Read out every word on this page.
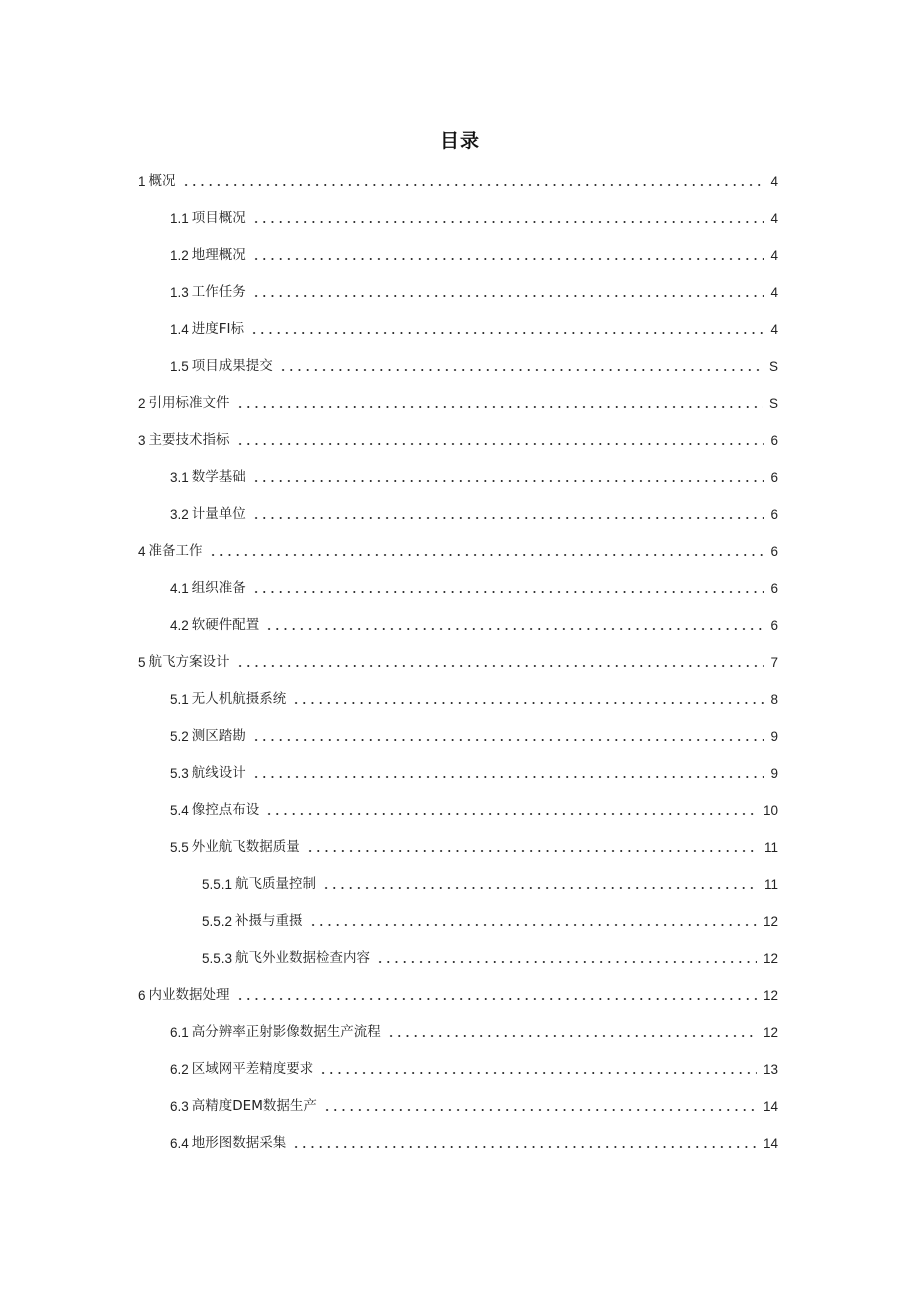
目录
1 概况	4
1.1 项目概况	4
1.2 地理概况	4
1.3 工作任务	4
1.4 进度FI标	4
1.5 项目成果提交	S
2 引用标准文件	S
3 主要技术指标	6
3.1 数学基础	6
3.2 计量单位	6
4 准备工作	6
4.1 组织准备	6
4.2 软硬件配置	6
5 航飞方案设计	7
5.1 无人机航摄系统	8
5.2 测区踏勘	9
5.3 航线设计	9
5.4 像控点布设	10
5.5 外业航飞数据质量	11
5.5.1 航飞质量控制	11
5.5.2 补摄与重摄	12
5.5.3 航飞外业数据检查内容	12
6 内业数据处理	12
6.1 高分辨率正射影像数据生产流程	12
6.2 区域网平差精度要求	13
6.3 高精度DEM数据生产	14
6.4 地形图数据采集	14
